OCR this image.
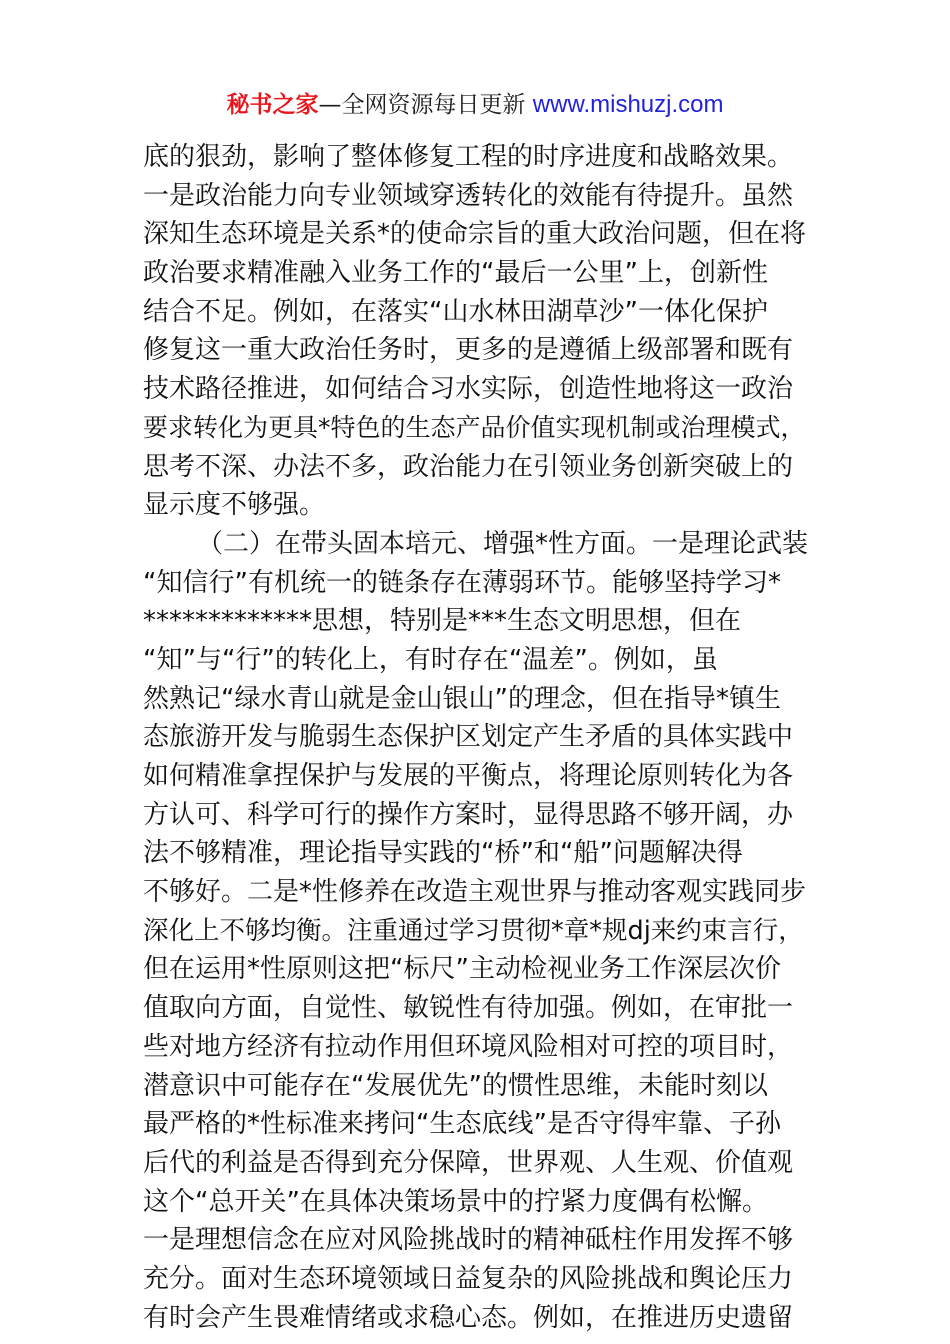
秘书之家—全网资源每日更新 www.mishuzj.com
底的狠劲，影响了整体修复工程的时序进度和战略效果。
一是政治能力向专业领域穿透转化的效能有待提升。虽然
深知生态环境是关系*的使命宗旨的重大政治问题，但在将
政治要求精准融入业务工作的“最后一公里”上，创新性
结合不足。例如，在落实“山水林田湖草沙”一体化保护
修复这一重大政治任务时，更多的是遵循上级部署和既有
技术路径推进，如何结合习水实际，创造性地将这一政治
要求转化为更具*特色的生态产品价值实现机制或治理模式，
思考不深、办法不多，政治能力在引领业务创新突破上的
显示度不够强。
（二）在带头固本培元、增强*性方面。一是理论武装
“知信行”有机统一的链条存在薄弱环节。能够坚持学习*
*************思想，特别是***生态文明思想，但在
“知”与“行”的转化上，有时存在“温差”。例如，虽
然熟记“绿水青山就是金山银山”的理念，但在指导*镇生
态旅游开发与脆弱生态保护区划定产生矛盾的具体实践中
如何精准拿捏保护与发展的平衡点，将理论原则转化为各
方认可、科学可行的操作方案时，显得思路不够开阔，办
法不够精准，理论指导实践的“桥”和“船”问题解决得
不够好。二是*性修养在改造主观世界与推动客观实践同步
深化上不够均衡。注重通过学习贯彻*章*规dj来约束言行，
但在运用*性原则这把“标尺”主动检视业务工作深层次价
值取向方面，自觉性、敏锐性有待加强。例如，在审批一
些对地方经济有拉动作用但环境风险相对可控的项目时，
潜意识中可能存在“发展优先”的惯性思维，未能时刻以
最严格的*性标准来拷问“生态底线”是否守得牢靠、子孙
后代的利益是否得到充分保障，世界观、人生观、价值观
这个“总开关”在具体决策场景中的拧紧力度偶有松懈。
一是理想信念在应对风险挑战时的精神砥柱作用发挥不够
充分。面对生态环境领域日益复杂的风险挑战和舆论压力
有时会产生畏难情绪或求稳心态。例如，在推进历史遗留
